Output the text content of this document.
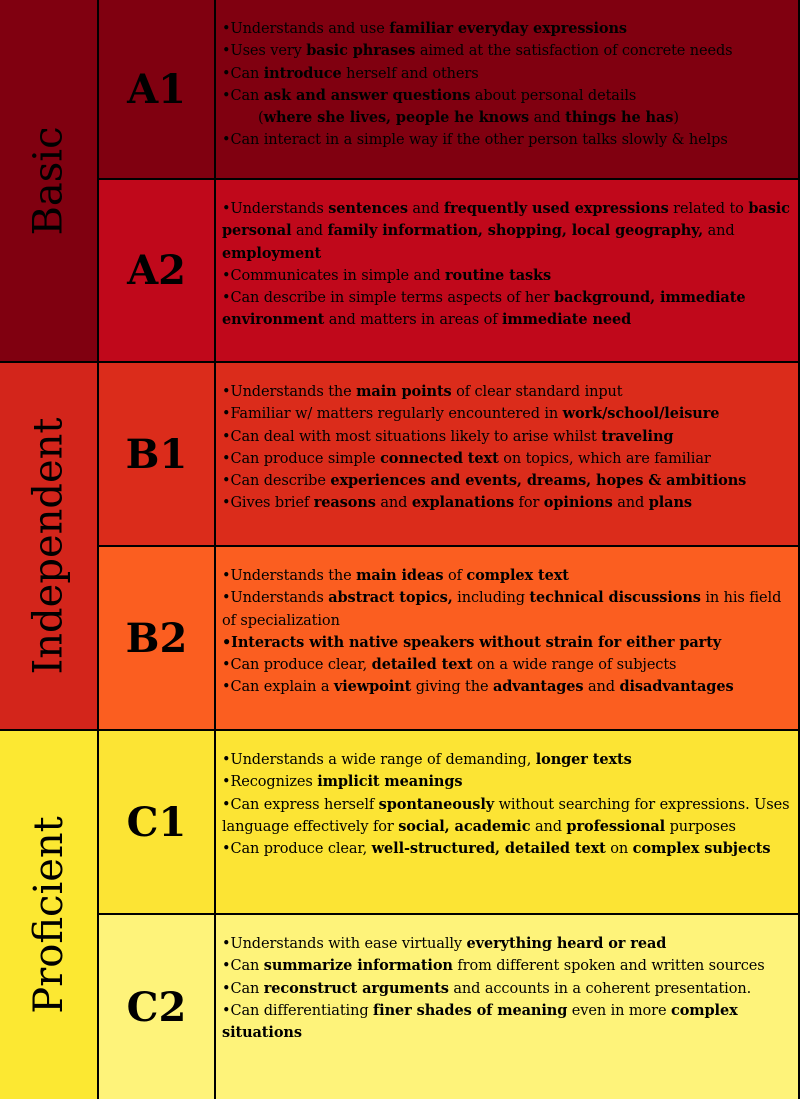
Basic
Independent
Proficient
A1

•Understands and use familiar everyday expressions

•Uses very basic phrases aimed at the satisfaction of concrete needs

•Can introduce herself and others

•Can ask and answer questions about personal details

(where she lives, people he knows and things he has)

•Can interact in a simple way if the other person talks slowly & helps

A2

•Understands sentences and frequently used expressions related to basic personal and family information, shopping, local geography, and employment

•Communicates in simple and routine tasks

•Can describe in simple terms aspects of her background, immediate environment and matters in areas of immediate need

B1

•Understands the main points of clear standard input

•Familiar w/ matters regularly encountered in work/school/leisure

•Can deal with most situations likely to arise whilst traveling

•Can produce simple connected text on topics, which are familiar

•Can describe experiences and events, dreams, hopes & ambitions

•Gives brief reasons and explanations for opinions and plans

B2

•Understands the main ideas of complex text

•Understands abstract topics, including technical discussions in his field of specialization

•Interacts with native speakers without strain for either party

•Can produce clear, detailed text on a wide range of subjects

•Can explain a viewpoint giving the advantages and disadvantages

C1

•Understands a wide range of demanding, longer texts

•Recognizes implicit meanings

•Can express herself spontaneously without searching for expressions. Uses language effectively for social, academic and professional purposes

•Can produce clear, well-structured, detailed text on complex subjects

C2

•Understands with ease virtually everything heard or read

•Can summarize information from different spoken and written sources

•Can reconstruct arguments and accounts in a coherent presentation.

•Can differentiating finer shades of meaning even in more complex situations
